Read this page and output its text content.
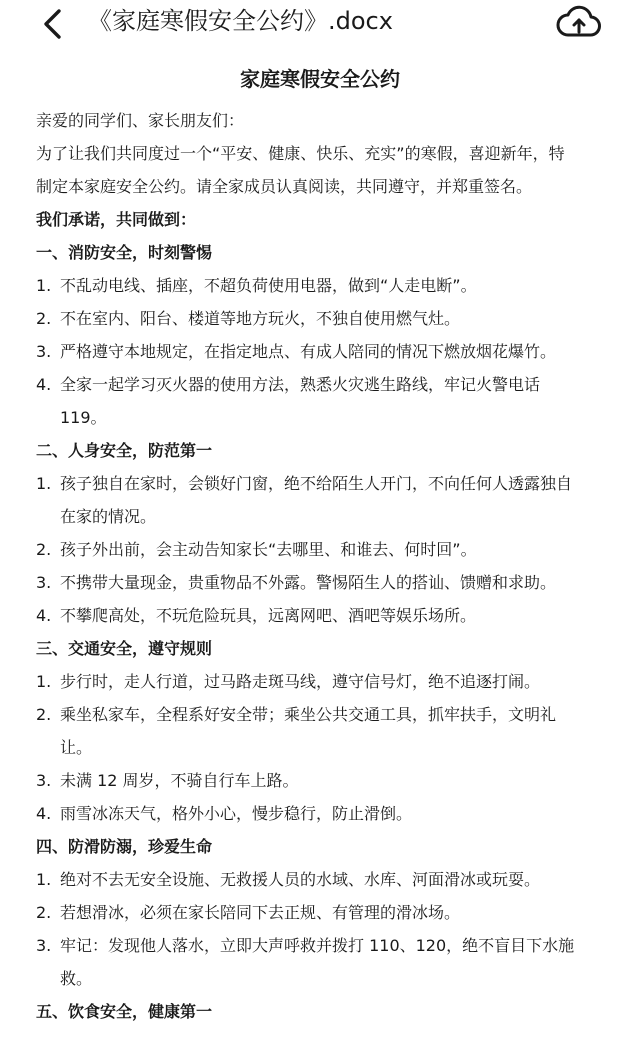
《家庭寒假安全公约》.docx
家庭寒假安全公约
亲爱的同学们、家长朋友们：
为了让我们共同度过一个“平安、健康、快乐、充实”的寒假，喜迎新年，特
制定本家庭安全公约。请全家成员认真阅读，共同遵守，并郑重签名。
我们承诺，共同做到：
一、消防安全，时刻警惕
1. 不乱动电线、插座，不超负荷使用电器，做到“人走电断”。
2. 不在室内、阳台、楼道等地方玩火，不独自使用燃气灶。
3. 严格遵守本地规定，在指定地点、有成人陪同的情况下燃放烟花爆竹。
4. 全家一起学习灭火器的使用方法，熟悉火灾逃生路线，牢记火警电话
119。
二、人身安全，防范第一
1. 孩子独自在家时，会锁好门窗，绝不给陌生人开门，不向任何人透露独自
在家的情况。
2. 孩子外出前，会主动告知家长“去哪里、和谁去、何时回”。
3. 不携带大量现金，贵重物品不外露。警惕陌生人的搭讪、馈赠和求助。
4. 不攀爬高处，不玩危险玩具，远离网吧、酒吧等娱乐场所。
三、交通安全，遵守规则
1. 步行时，走人行道，过马路走斑马线，遵守信号灯，绝不追逐打闹。
2. 乘坐私家车，全程系好安全带；乘坐公共交通工具，抓牢扶手，文明礼
让。
3. 未满 12 周岁，不骑自行车上路。
4. 雨雪冰冻天气，格外小心，慢步稳行，防止滑倒。
四、防滑防溺，珍爱生命
1. 绝对不去无安全设施、无救援人员的水域、水库、河面滑冰或玩耍。
2. 若想滑冰，必须在家长陪同下去正规、有管理的滑冰场。
3. 牢记：发现他人落水，立即大声呼救并拨打 110、120，绝不盲目下水施
救。
五、饮食安全，健康第一
